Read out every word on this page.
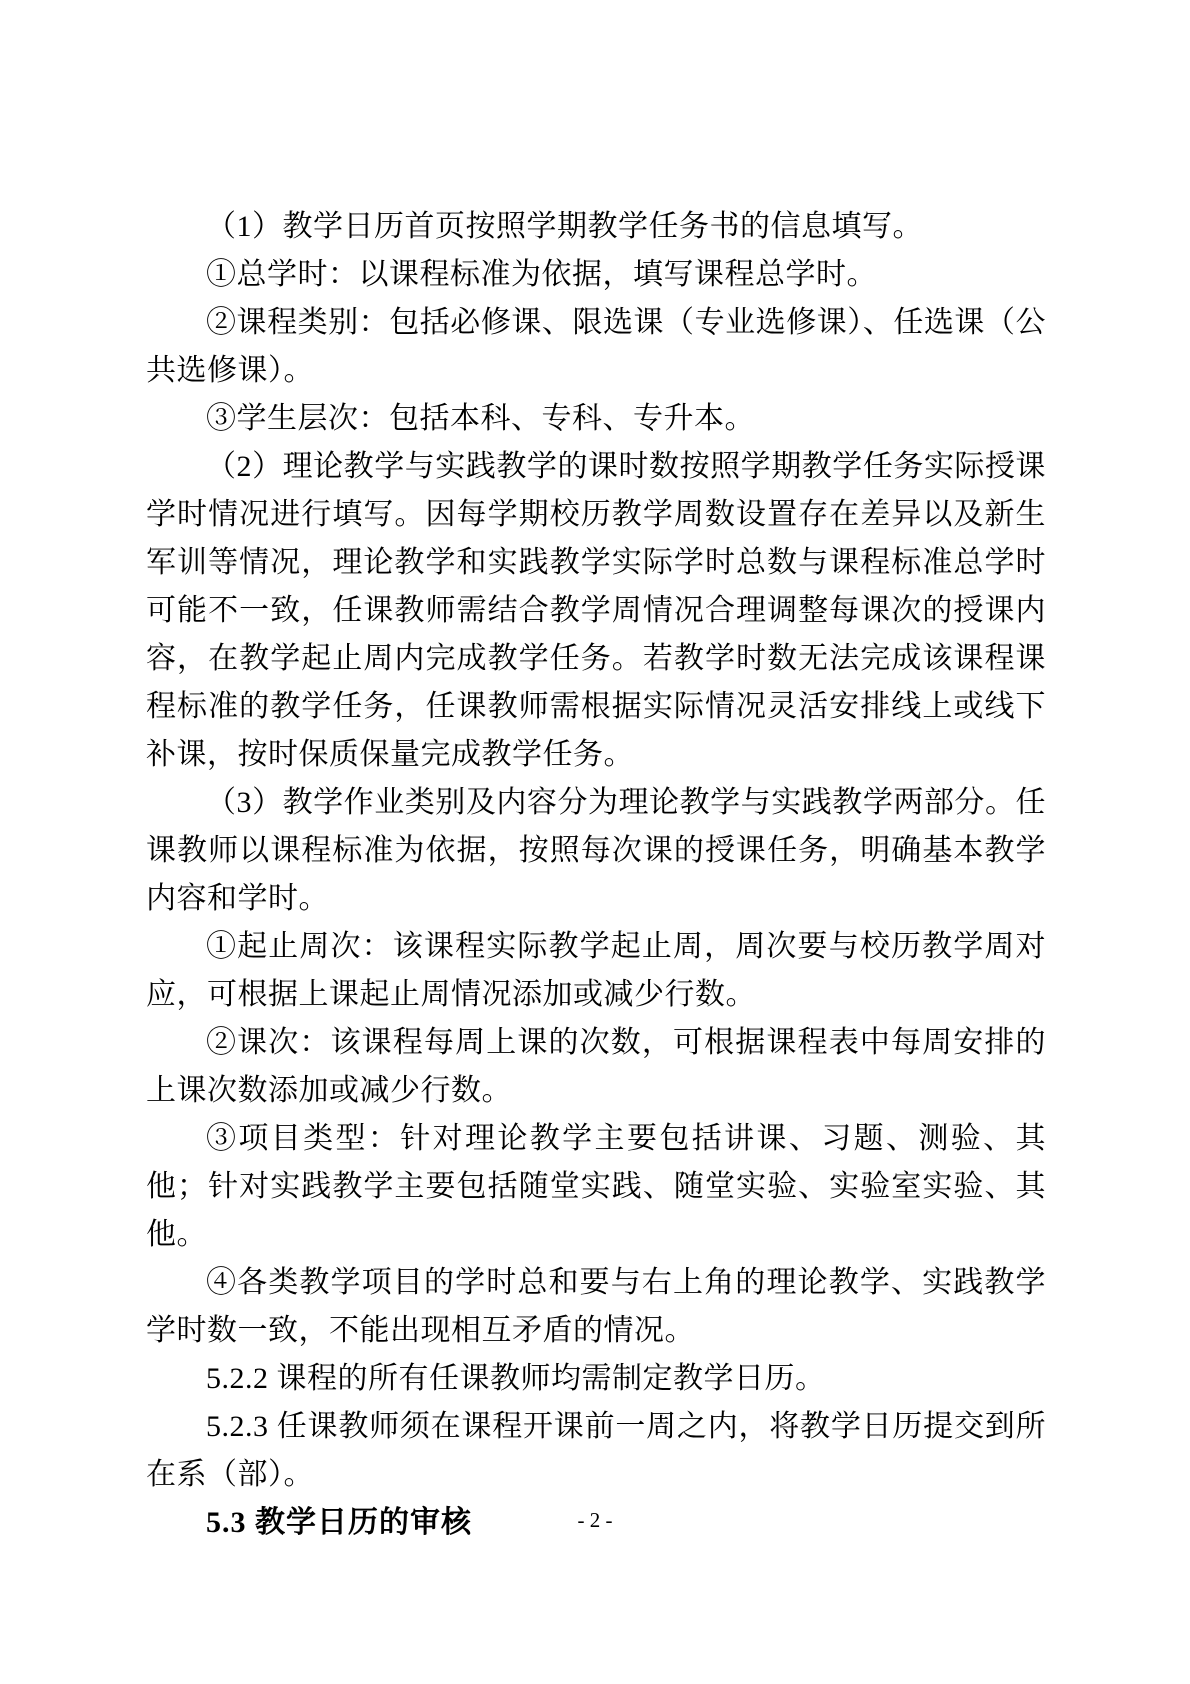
（1）教学日历首页按照学期教学任务书的信息填写。

①总学时：以课程标准为依据，填写课程总学时。

②课程类别：包括必修课、限选课（专业选修课）、任选课（公共选修课）。

③学生层次：包括本科、专科、专升本。

（2）理论教学与实践教学的课时数按照学期教学任务实际授课学时情况进行填写。因每学期校历教学周数设置存在差异以及新生军训等情况，理论教学和实践教学实际学时总数与课程标准总学时可能不一致，任课教师需结合教学周情况合理调整每课次的授课内容，在教学起止周内完成教学任务。若教学时数无法完成该课程课程标准的教学任务，任课教师需根据实际情况灵活安排线上或线下补课，按时保质保量完成教学任务。

（3）教学作业类别及内容分为理论教学与实践教学两部分。任课教师以课程标准为依据，按照每次课的授课任务，明确基本教学内容和学时。

①起止周次：该课程实际教学起止周，周次要与校历教学周对应，可根据上课起止周情况添加或减少行数。

②课次：该课程每周上课的次数，可根据课程表中每周安排的上课次数添加或减少行数。

③项目类型：针对理论教学主要包括讲课、习题、测验、其他；针对实践教学主要包括随堂实践、随堂实验、实验室实验、其他。

④各类教学项目的学时总和要与右上角的理论教学、实践教学学时数一致，不能出现相互矛盾的情况。

5.2.2 课程的所有任课教师均需制定教学日历。

5.2.3 任课教师须在课程开课前一周之内，将教学日历提交到所在系（部）。

5.3 教学日历的审核	- 2 -
